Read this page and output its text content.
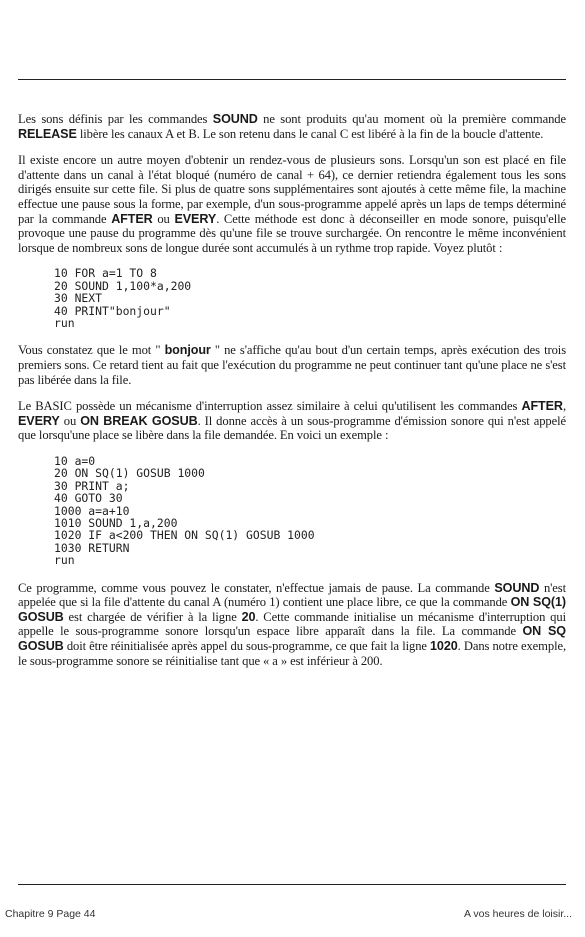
Les sons définis par les commandes SOUND ne sont produits qu'au moment où la première commande RELEASE libère les canaux A et B. Le son retenu dans le canal C est libéré à la fin de la boucle d'attente.

Il existe encore un autre moyen d'obtenir un rendez-vous de plusieurs sons. Lorsqu'un son est placé en file d'attente dans un canal à l'état bloqué (numéro de canal + 64), ce dernier retiendra également tous les sons dirigés ensuite sur cette file. Si plus de quatre sons supplémentaires sont ajoutés à cette même file, la machine effectue une pause sous la forme, par exemple, d'un sous-programme appelé après un laps de temps déterminé par la commande AFTER ou EVERY. Cette méthode est donc à déconseiller en mode sonore, puisqu'elle provoque une pause du programme dès qu'une file se trouve surchargée. On rencontre le même inconvénient lorsque de nombreux sons de longue durée sont accumulés à un rythme trop rapide. Voyez plutôt :

10 FOR a=1 TO 8
20 SOUND 1,100*a,200
30 NEXT
40 PRINT"bonjour"
run

Vous constatez que le mot " bonjour " ne s'affiche qu'au bout d'un certain temps, après exécution des trois premiers sons. Ce retard tient au fait que l'exécution du programme ne peut continuer tant qu'une place ne s'est pas libérée dans la file.

Le BASIC possède un mécanisme d'interruption assez similaire à celui qu'utilisent les commandes AFTER, EVERY ou ON BREAK GOSUB. Il donne accès à un sous-programme d'émission sonore qui n'est appelé que lorsqu'une place se libère dans la file demandée. En voici un exemple :

10 a=0
20 ON SQ(1) GOSUB 1000
30 PRINT a;
40 GOTO 30
1000 a=a+10
1010 SOUND 1,a,200
1020 IF a<200 THEN ON SQ(1) GOSUB 1000
1030 RETURN
run

Ce programme, comme vous pouvez le constater, n'effectue jamais de pause. La commande SOUND n'est appelée que si la file d'attente du canal A (numéro 1) contient une place libre, ce que la commande ON SQ(1) GOSUB est chargée de vérifier à la ligne 20. Cette commande initialise un mécanisme d'interruption qui appelle le sous-programme sonore lorsqu'un espace libre apparaît dans la file. La commande ON SQ GOSUB doit être réinitialisée après appel du sous-programme, ce que fait la ligne 1020. Dans notre exemple, le sous-programme sonore se réinitialise tant que « a » est inférieur à 200.

Chapitre 9 Page 44	A vos heures de loisir...
